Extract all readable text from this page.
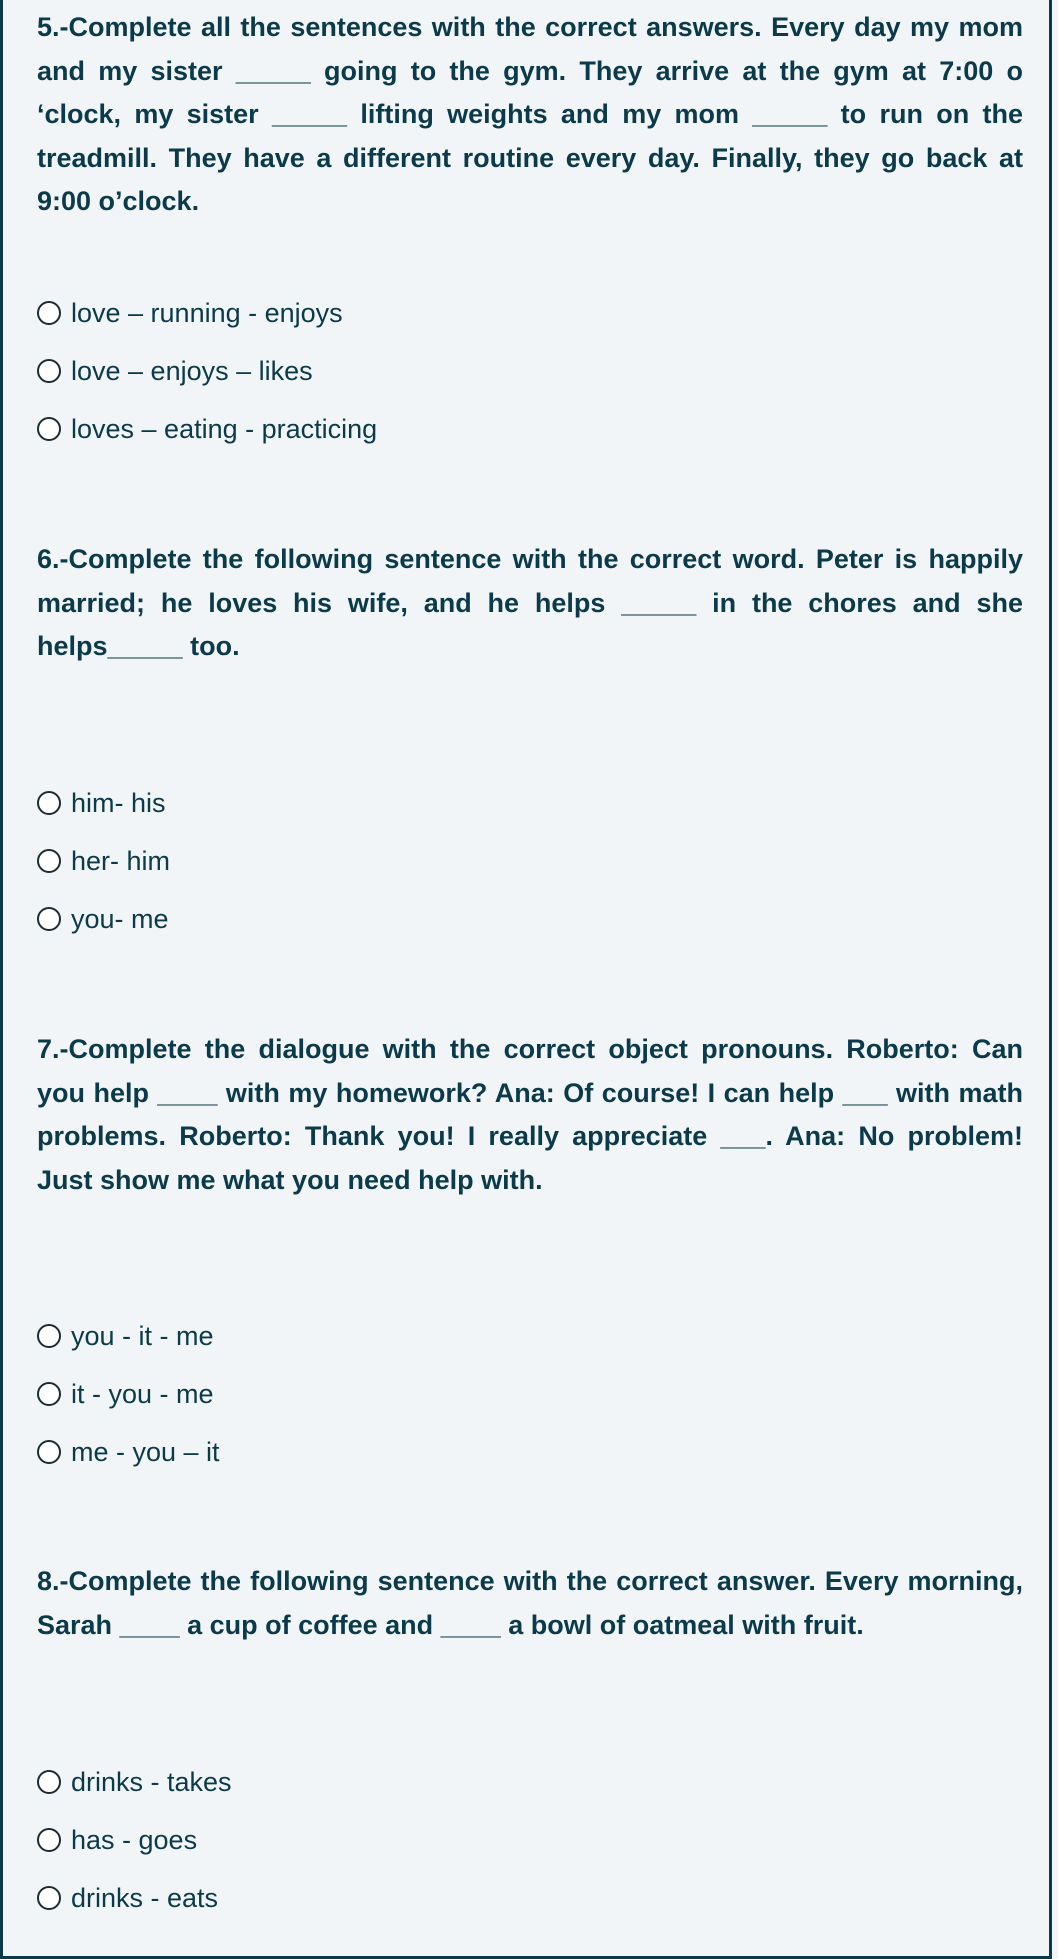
5.-Complete all the sentences with the correct answers. Every day my mom and my sister _____ going to the gym. They arrive at the gym at 7:00 o ‘clock, my sister _____ lifting weights and my mom _____ to run on the treadmill. They have a different routine every day. Finally, they go back at 9:00 o’clock.

love – running - enjoys
love – enjoys – likes
loves – eating - practicing

6.-Complete the following sentence with the correct word. Peter is happily married; he loves his wife, and he helps _____ in the chores and she helps_____ too.

him- his
her- him
you- me

7.-Complete the dialogue with the correct object pronouns. Roberto: Can you help ____ with my homework? Ana: Of course! I can help ___ with math problems. Roberto: Thank you! I really appreciate ___. Ana: No problem! Just show me what you need help with.

you - it - me
it - you - me
me - you – it

8.-Complete the following sentence with the correct answer. Every morning, Sarah ____ a cup of coffee and ____ a bowl of oatmeal with fruit.

drinks - takes
has - goes
drinks - eats
